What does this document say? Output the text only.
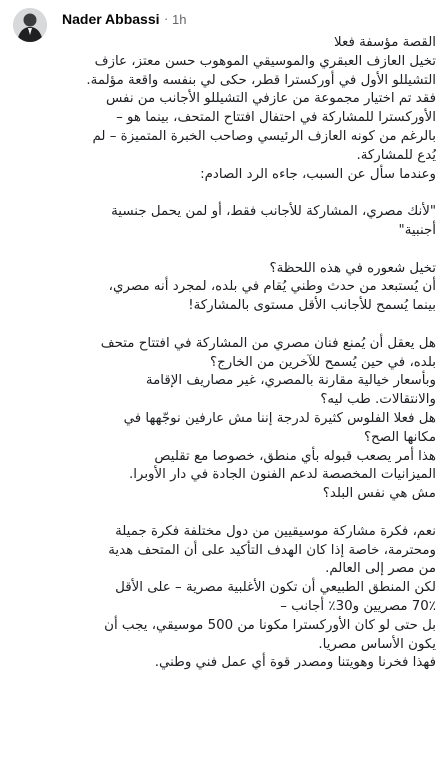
Nader Abbassi · 1h
القصة مؤسفة فعلا
تخيل العازف العبقري والموسيقي الموهوب حسن معتز، عازف
التشيللو الأول في أوركسترا قطر، حكى لي بنفسه واقعة مؤلمة.
فقد تم اختيار مجموعة من عازفي التشيللو الأجانب من نفس
الأوركسترا للمشاركة في احتفال افتتاح المتحف، بينما هو –
بالرغم من كونه العازف الرئيسي وصاحب الخبرة المتميزة – لم
يُدع للمشاركة.
وعندما سأل عن السبب، جاءه الرد الصادم:
"لأنك مصري، المشاركة للأجانب فقط، أو لمن يحمل جنسية
أجنبية"
تخيل شعوره في هذه اللحظة؟
أن يُستبعد من حدث وطني يُقام في بلده، لمجرد أنه مصري،
بينما يُسمح للأجانب الأقل مستوى بالمشاركة!
هل يعقل أن يُمنع فنان مصري من المشاركة في افتتاح متحف
بلده، في حين يُسمح للآخرين من الخارج؟
وبأسعار خيالية مقارنة بالمصري، غير مصاريف الإقامة
والانتقالات. طب ليه؟
هل فعلا الفلوس كثيرة لدرجة إننا مش عارفين نوجّهها في
مكانها الصح؟
هذا أمر يصعب قبوله بأي منطق، خصوصا مع تقليص
الميزانيات المخصصة لدعم الفنون الجادة في دار الأوبرا.
مش هي نفس البلد؟
نعم، فكرة مشاركة موسيقيين من دول مختلفة فكرة جميلة
ومحترمة، خاصة إذا كان الهدف التأكيد على أن المتحف هدية
من مصر إلى العالم.
لكن المنطق الطبيعي أن تكون الأغلبية مصرية – على الأقل
70٪ مصريين و30٪ أجانب –
بل حتى لو كان الأوركسترا مكونا من 500 موسيقي، يجب أن
يكون الأساس مصريا.
فهذا فخرنا وهويتنا ومصدر قوة أي عمل فني وطني.
